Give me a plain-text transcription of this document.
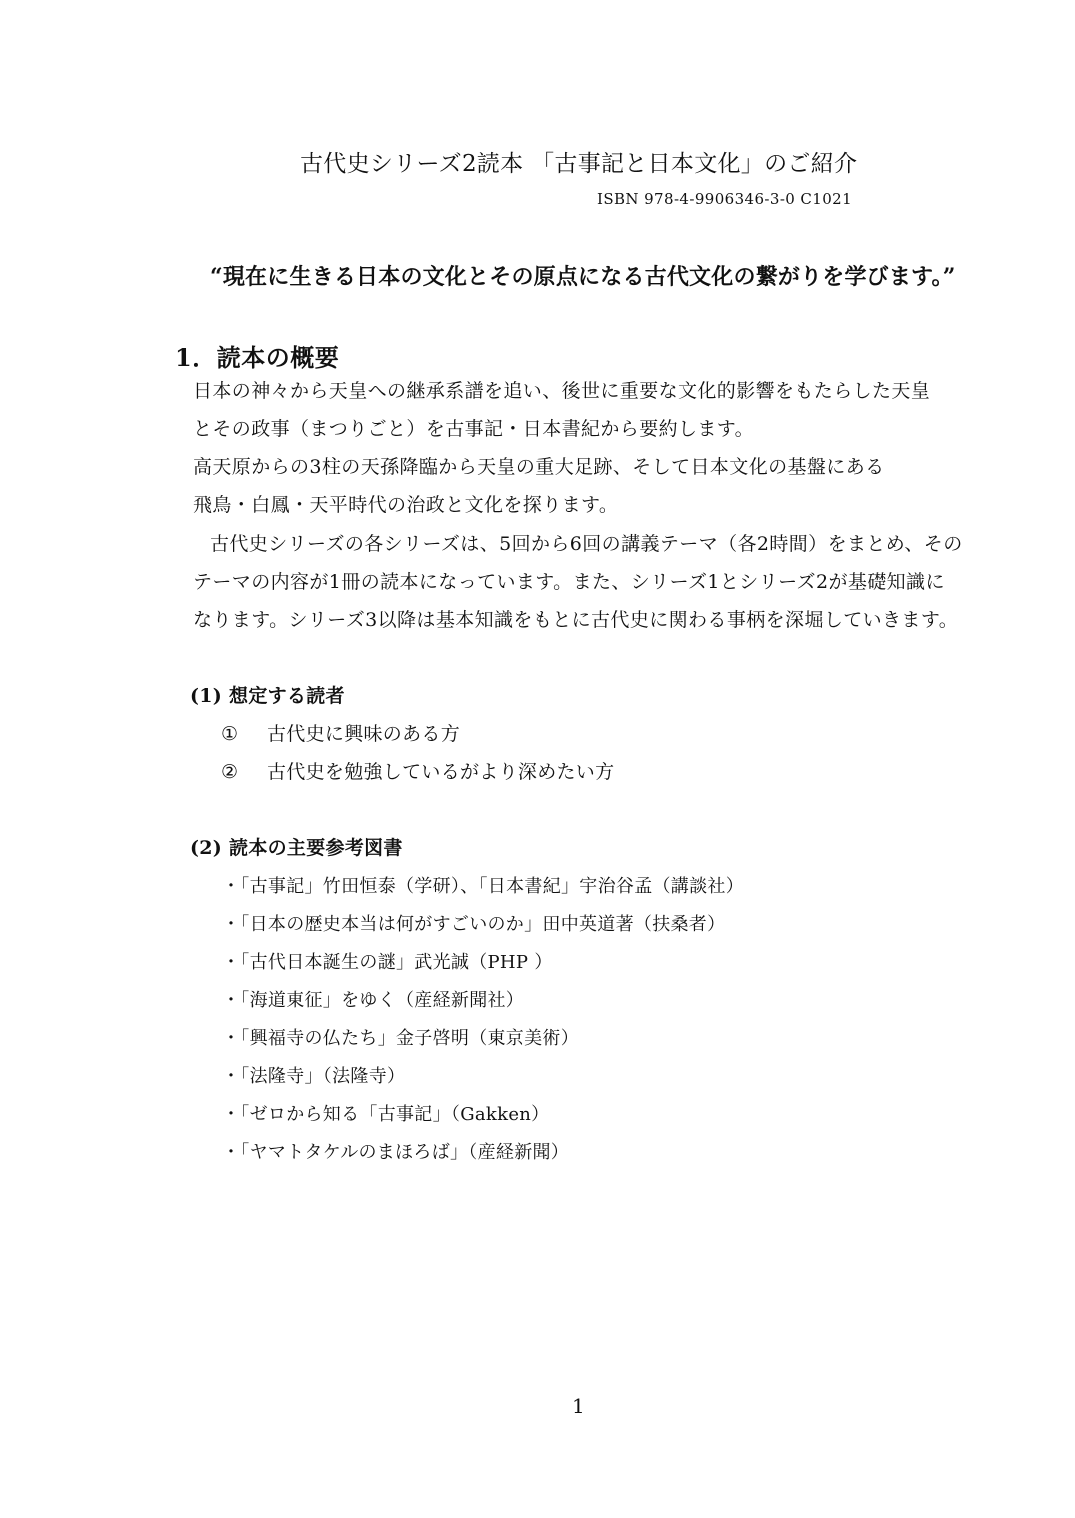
古代史シリーズ2読本 「古事記と日本文化」のご紹介
ISBN 978-4-9906346-3-0 C1021
“現在に生きる日本の文化とその原点になる古代文化の繋がりを学びます。”
1．読本の概要
日本の神々から天皇への継承系譜を追い、後世に重要な文化的影響をもたらした天皇
とその政事（まつりごと）を古事記・日本書紀から要約します。
高天原からの3柱の天孫降臨から天皇の重大足跡、そして日本文化の基盤にある
飛鳥・白鳳・天平時代の治政と文化を探ります。
古代史シリーズの各シリーズは、5回から6回の講義テーマ（各2時間）をまとめ、その
テーマの内容が1冊の読本になっています。また、シリーズ1とシリーズ2が基礎知識に
なります。シリーズ3以降は基本知識をもとに古代史に関わる事柄を深堀していきます。
(1) 想定する読者
① 古代史に興味のある方
② 古代史を勉強しているがより深めたい方
(2) 読本の主要参考図書
・「古事記」竹田恒泰（学研）、「日本書紀」宇治谷孟（講談社）
・「日本の歴史本当は何がすごいのか」田中英道著（扶桑者）
・「古代日本誕生の謎」武光誠（PHP ）
・「海道東征」をゆく（産経新聞社）
・「興福寺の仏たち」金子啓明（東京美術）
・「法隆寺」（法隆寺）
・「ゼロから知る「古事記」（Gakken）
・「ヤマトタケルのまほろば」（産経新聞）
1
